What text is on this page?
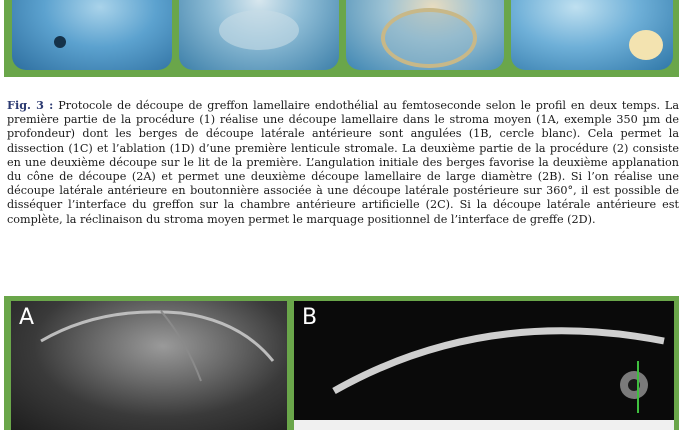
Fig. 3 : Protocole de découpe de greffon lamellaire endothélial au femtoseconde selon le profil en deux temps. La première partie de la procédure (1) réalise une découpe lamellaire dans le stroma moyen (1A, exemple 350 µm de profondeur) dont les berges de découpe latérale antérieure sont angulées (1B, cercle blanc). Cela permet la dissection (1C) et l’ablation (1D) d’une première lenticule stromale. La deuxième partie de la procédure (2) consiste en une deuxième découpe sur le lit de la première. L’angulation initiale des berges favorise la deuxième applanation du cône de découpe (2A) et permet une deuxième découpe lamellaire de large diamètre (2B). Si l’on réalise une découpe latérale antérieure en boutonnière associée à une découpe latérale postérieure sur 360°, il est possible de disséquer l’interface du greffon sur la chambre antérieure artificielle (2C). Si la découpe latérale antérieure est complète, la réclinaison du stroma moyen permet le marquage positionnel de l’interface de greffe (2D).
A	B
